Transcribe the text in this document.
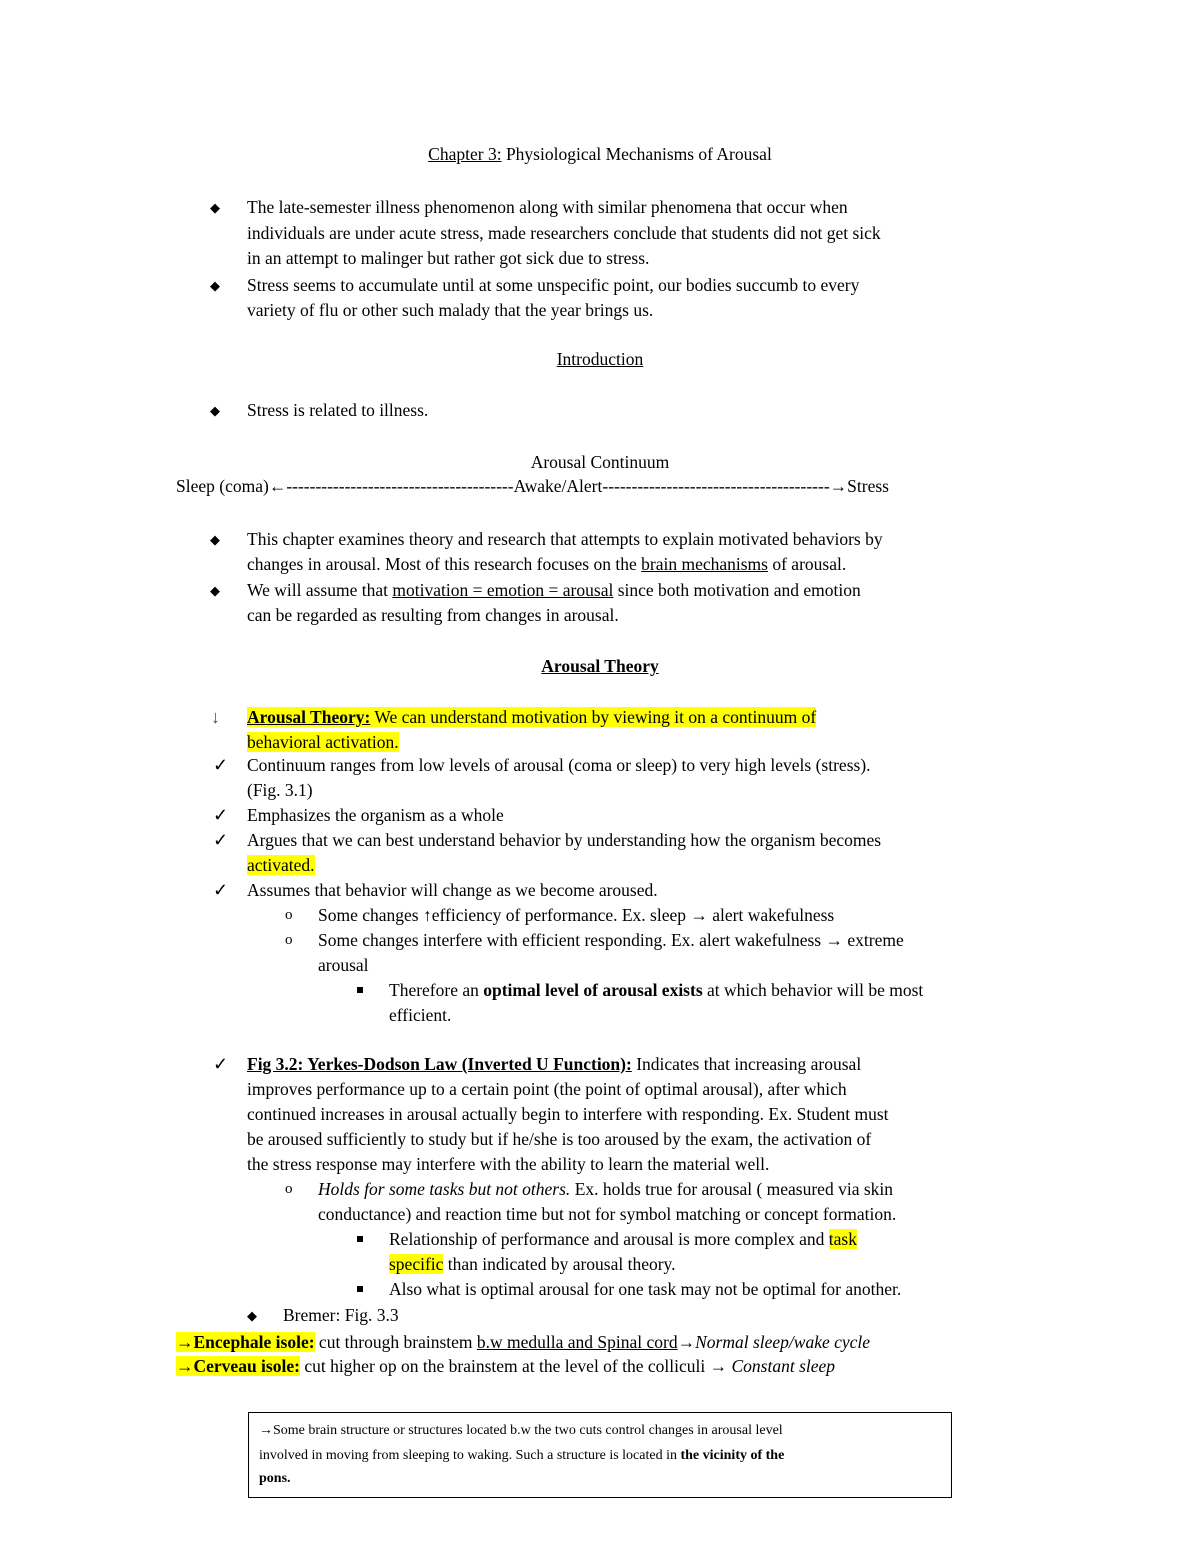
Chapter 3: Physiological Mechanisms of Arousal
◆ The late-semester illness phenomenon along with similar phenomena that occur when
individuals are under acute stress, made researchers conclude that students did not get sick
in an attempt to malinger but rather got sick due to stress.
◆ Stress seems to accumulate until at some unspecific point, our bodies succumb to every
variety of flu or other such malady that the year brings us.
Introduction
◆ Stress is related to illness.
Arousal Continuum
Sleep (coma)←---------------------------------------Awake/Alert---------------------------------------→Stress
◆ This chapter examines theory and research that attempts to explain motivated behaviors by
changes in arousal. Most of this research focuses on the brain mechanisms of arousal.
◆ We will assume that motivation = emotion = arousal since both motivation and emotion
can be regarded as resulting from changes in arousal.
Arousal Theory
↓ Arousal Theory: We can understand motivation by viewing it on a continuum of
behavioral activation.
✓ Continuum ranges from low levels of arousal (coma or sleep) to very high levels (stress).
(Fig. 3.1)
✓ Emphasizes the organism as a whole
✓ Argues that we can best understand behavior by understanding how the organism becomes
activated.
✓ Assumes that behavior will change as we become aroused.
o Some changes ↑efficiency of performance. Ex. sleep → alert wakefulness
o Some changes interfere with efficient responding. Ex. alert wakefulness → extreme
arousal
Therefore an optimal level of arousal exists at which behavior will be most
efficient.
✓ Fig 3.2: Yerkes-Dodson Law (Inverted U Function): Indicates that increasing arousal
improves performance up to a certain point (the point of optimal arousal), after which
continued increases in arousal actually begin to interfere with responding. Ex. Student must
be aroused sufficiently to study but if he/she is too aroused by the exam, the activation of
the stress response may interfere with the ability to learn the material well.
o Holds for some tasks but not others. Ex. holds true for arousal ( measured via skin
conductance) and reaction time but not for symbol matching or concept formation.
Relationship of performance and arousal is more complex and task
specific than indicated by arousal theory.
Also what is optimal arousal for one task may not be optimal for another.
◆ Bremer: Fig. 3.3
→Encephale isole: cut through brainstem b.w medulla and Spinal cord→Normal sleep/wake cycle
→Cerveau isole: cut higher op on the brainstem at the level of the colliculi → Constant sleep
→Some brain structure or structures located b.w the two cuts control changes in arousal level
involved in moving from sleeping to waking. Such a structure is located in the vicinity of the
pons.
